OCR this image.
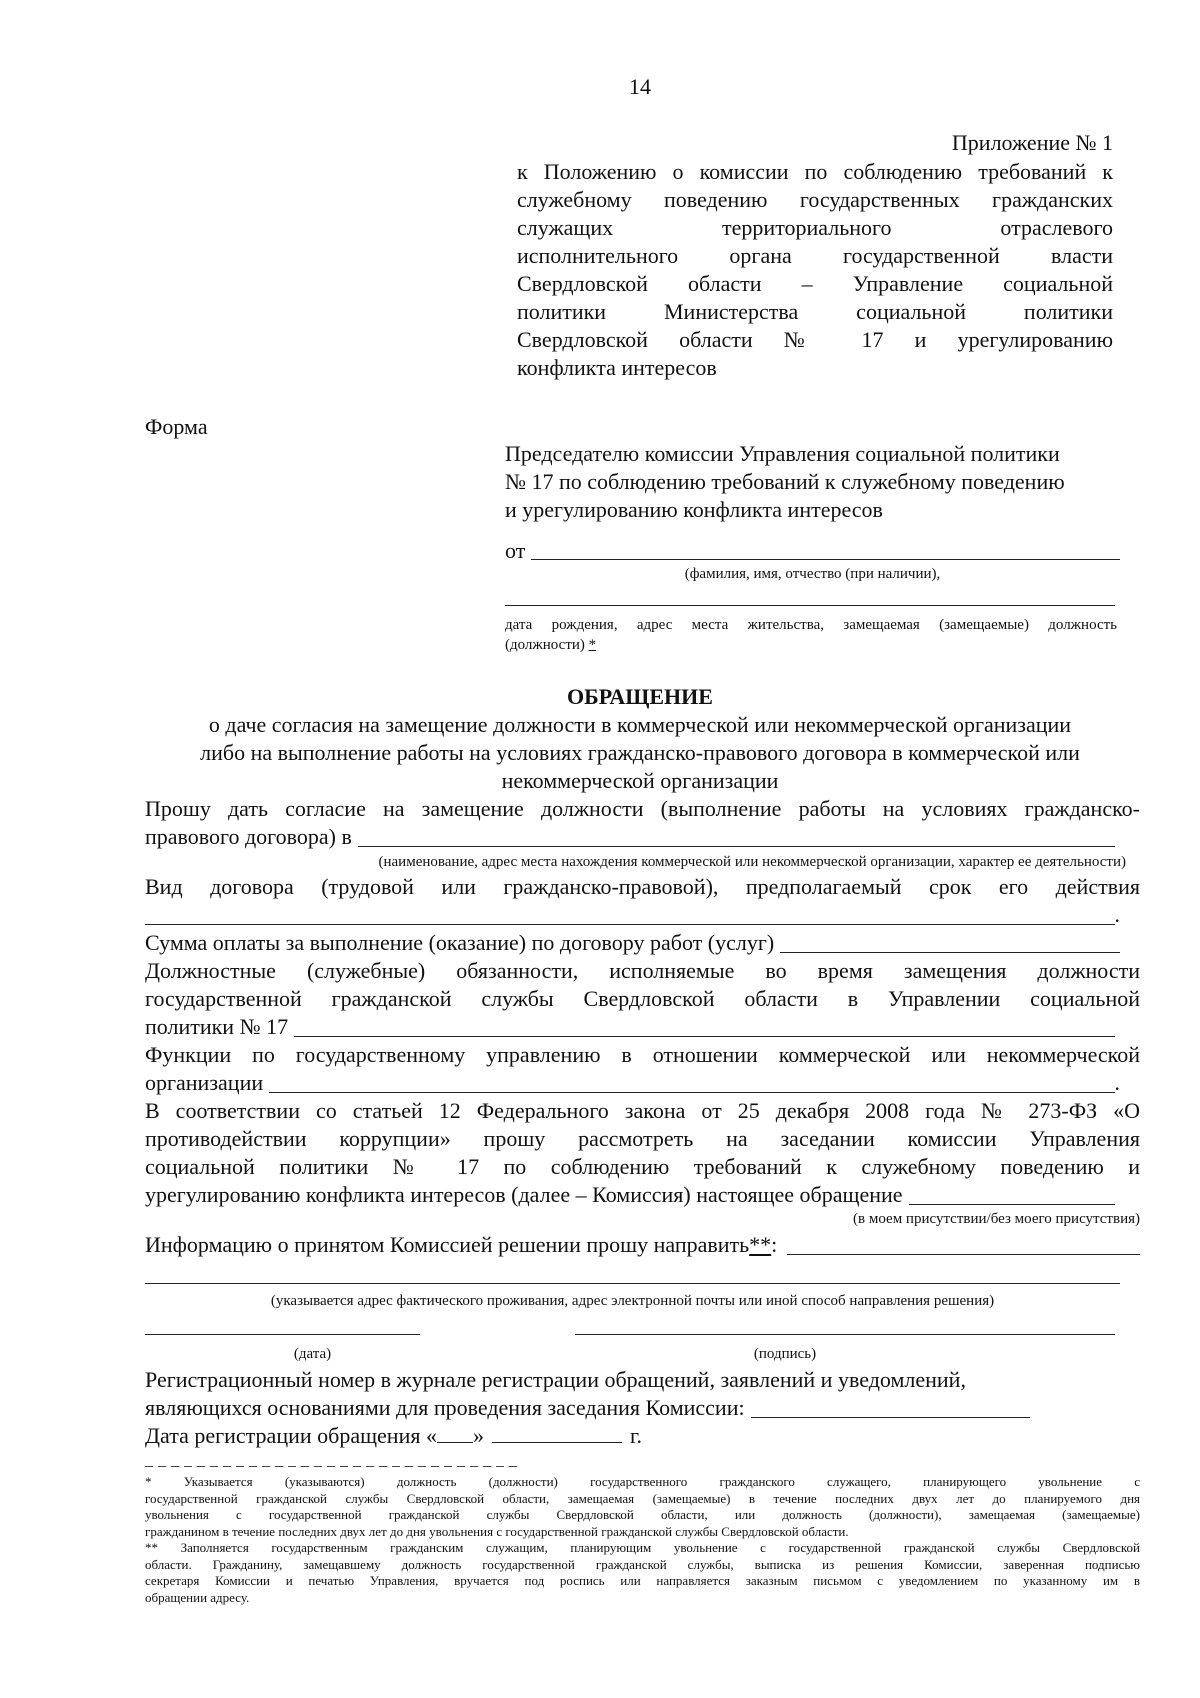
14
Приложение № 1
к Положению о комиссии по соблюдению требований к
служебному поведению государственных гражданских
служащих территориального отраслевого
исполнительного органа государственной власти
Свердловской области – Управление социальной
политики Министерства социальной политики
Свердловской области № 17 и урегулированию
конфликта интересов
Форма
Председателю комиссии Управления социальной политики
№ 17 по соблюдению требований к служебному поведению
и урегулированию конфликта интересов
от
(фамилия, имя, отчество (при наличии),
дата рождения, адрес места жительства, замещаемая (замещаемые) должность
(должности) *
ОБРАЩЕНИЕ
о даче согласия на замещение должности в коммерческой или некоммерческой организации
либо на выполнение работы на условиях гражданско-правового договора в коммерческой или
некоммерческой организации
Прошу дать согласие на замещение должности (выполнение работы на условиях гражданско-
правового договора) в
(наименование, адрес места нахождения коммерческой или некоммерческой организации, характер ее деятельности)
Вид договора (трудовой или гражданско-правовой), предполагаемый срок его действия
.
Сумма оплаты за выполнение (оказание) по договору работ (услуг)
Должностные (служебные) обязанности, исполняемые во время замещения должности
государственной гражданской службы Свердловской области в Управлении социальной
политики № 17
Функции по государственному управлению в отношении коммерческой или некоммерческой
организации	.
В соответствии со статьей 12 Федерального закона от 25 декабря 2008 года № 273-ФЗ «О
противодействии коррупции» прошу рассмотреть на заседании комиссии Управления
социальной политики № 17 по соблюдению требований к служебному поведению и
урегулированию конфликта интересов (далее – Комиссия) настоящее обращение
(в моем присутствии/без моего присутствия)
Информацию о принятом Комиссией решении прошу направить ** :
(указывается адрес фактического проживания, адрес электронной почты или иной способ направления решения)
(дата)	(подпись)
Регистрационный номер в журнале регистрации обращений, заявлений и уведомлений,
являющихся основаниями для проведения заседания Комиссии:
Дата регистрации обращения « »	г.
_ _ _ _ _ _ _ _ _ _ _ _ _ _ _ _ _ _ _ _ _ _ _ _ _ _ _ _ _
* Указывается (указываются) должность (должности) государственного гражданского служащего, планирующего увольнение с
государственной гражданской службы Свердловской области, замещаемая (замещаемые) в течение последних двух лет до планируемого дня
увольнения с государственной гражданской службы Свердловской области, или должность (должности), замещаемая (замещаемые)
гражданином в течение последних двух лет до дня увольнения с государственной гражданской службы Свердловской области.
** Заполняется государственным гражданским служащим, планирующим увольнение с государственной гражданской службы Свердловской
области. Гражданину, замещавшему должность государственной гражданской службы, выписка из решения Комиссии, заверенная подписью
секретаря Комиссии и печатью Управления, вручается под роспись или направляется заказным письмом с уведомлением по указанному им в
обращении адресу.
